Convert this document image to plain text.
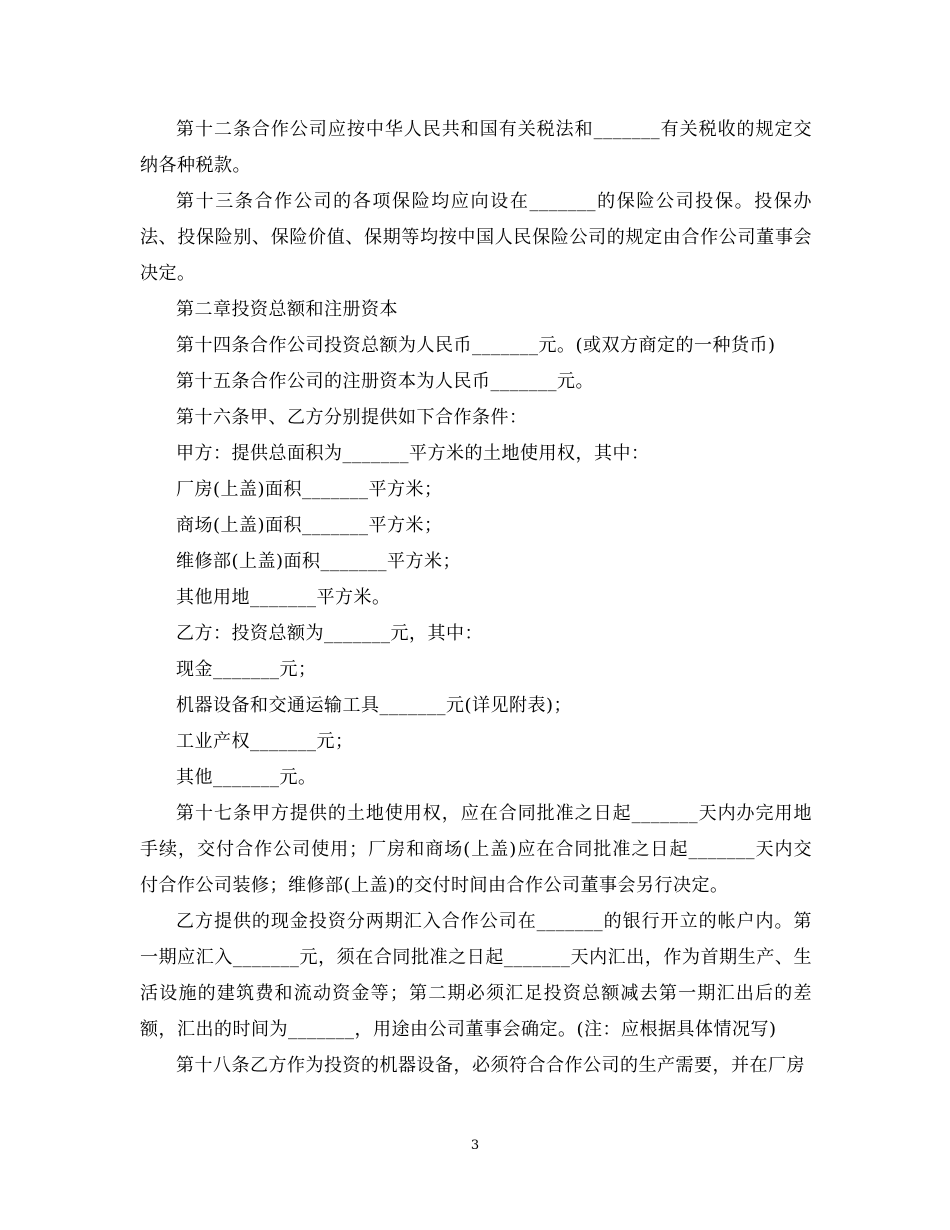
第十二条合作公司应按中华人民共和国有关税法和_______有关税收的规定交纳各种税款。

第十三条合作公司的各项保险均应向设在_______的保险公司投保。投保办法、投保险别、保险价值、保期等均按中国人民保险公司的规定由合作公司董事会决定。

第二章投资总额和注册资本

第十四条合作公司投资总额为人民币_______元。(或双方商定的一种货币)

第十五条合作公司的注册资本为人民币_______元。

第十六条甲、乙方分别提供如下合作条件：

甲方：提供总面积为_______平方米的土地使用权，其中：

厂房(上盖)面积_______平方米；

商场(上盖)面积_______平方米；

维修部(上盖)面积_______平方米；

其他用地_______平方米。

乙方：投资总额为_______元，其中：

现金_______元；

机器设备和交通运输工具_______元(详见附表)；

工业产权_______元；

其他_______元。

第十七条甲方提供的土地使用权，应在合同批准之日起_______天内办完用地手续，交付合作公司使用；厂房和商场(上盖)应在合同批准之日起_______天内交付合作公司装修；维修部(上盖)的交付时间由合作公司董事会另行决定。

乙方提供的现金投资分两期汇入合作公司在_______的银行开立的帐户内。第一期应汇入_______元，须在合同批准之日起_______天内汇出，作为首期生产、生活设施的建筑费和流动资金等；第二期必须汇足投资总额减去第一期汇出后的差额，汇出的时间为_______，用途由公司董事会确定。(注：应根据具体情况写)

第十八条乙方作为投资的机器设备，必须符合合作公司的生产需要，并在厂房

3
